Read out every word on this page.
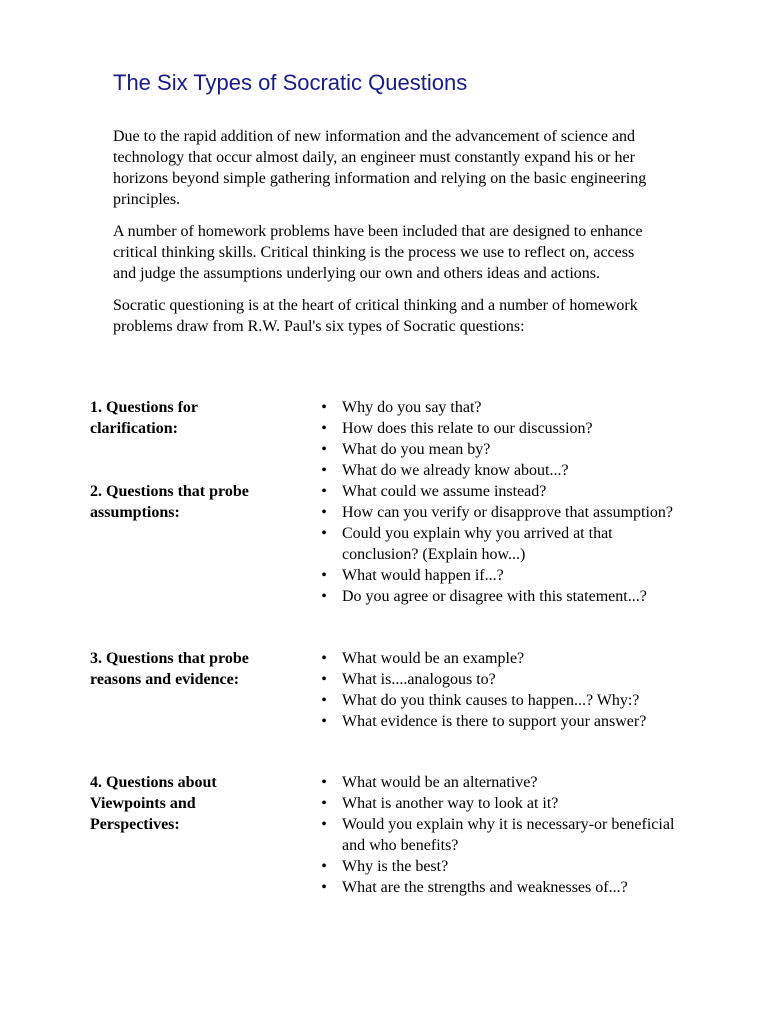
The Six Types of Socratic Questions

Due to the rapid addition of new information and the advancement of science and technology that occur almost daily, an engineer must constantly expand his or her horizons beyond simple gathering information and relying on the basic engineering principles.

A number of homework problems have been included that are designed to enhance critical thinking skills. Critical thinking is the process we use to reflect on, access and judge the assumptions underlying our own and others ideas and actions.

Socratic questioning is at the heart of critical thinking and a number of homework problems draw from R.W. Paul's six types of Socratic questions:

1. Questions for clarification:

• Why do you say that?
• How does this relate to our discussion?
• What do you mean by?
• What do we already know about...?

2. Questions that probe assumptions:

• What could we assume instead?
• How can you verify or disapprove that assumption?
• Could you explain why you arrived at that conclusion? (Explain how...)
• What would happen if...?
• Do you agree or disagree with this statement...?

3. Questions that probe reasons and evidence:

• What would be an example?
• What is....analogous to?
• What do you think causes to happen...? Why:?
• What evidence is there to support your answer?

4. Questions about Viewpoints and Perspectives:

• What would be an alternative?
• What is another way to look at it?
• Would you explain why it is necessary-or beneficial and who benefits?
• Why is the best?
• What are the strengths and weaknesses of...?
